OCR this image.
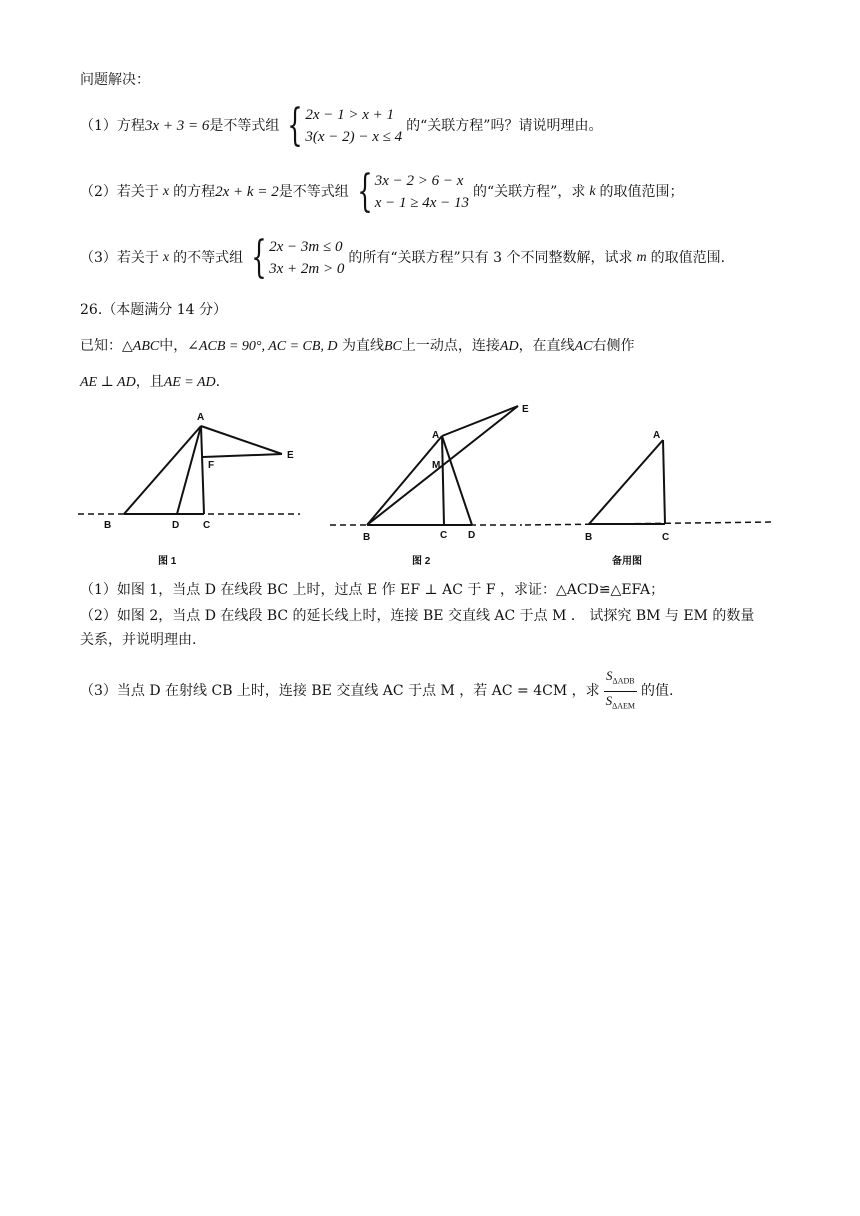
问题解决：
（1）方程 3x + 3 = 6 是不等式组 { 2x − 1 > x + 1
3(x − 2) − x ≤ 4
的“关联方程”吗？请说明理由。
（2）若关于 x 的方程 2x + k = 2 是不等式组 { 3x − 2 > 6 − x
x − 1 ≥ 4x − 13
的“关联方程”，求 k 的取值范围；
（3）若关于 x 的不等式组 { 2x − 3m ≤ 0
3x + 2m > 0
的所有“关联方程”只有 3 个不同整数解，试求 m 的取值范围.
26.（本题满分 14 分）
已知：△ABC中，∠ACB = 90°, AC = CB, D 为直线BC上一动点，连接AD，在直线AC右侧作
AE ⊥ AD，且AE = AD.
A
F
E
B	D C
图 1
E
A
M
B	C D
图 2
A
B	C
备用图
（1）如图 1，当点 D 在线段 BC 上时，过点 E 作 EF ⊥ AC 于 F ，求证：△ACD≌△EFA；
（2）如图 2，当点 D 在线段 BC 的延长线上时，连接 BE 交直线 AC 于点 M ． 试探究 BM 与 EM 的数量
关系，并说明理由.
（3）当点 D 在射线 CB 上时，连接 BE 交直线 AC 于点 M ，若 AC = 4CM ，求 $\frac{S_{\Delta ADB}}{S_{\Delta AEM}}$ 的值.
